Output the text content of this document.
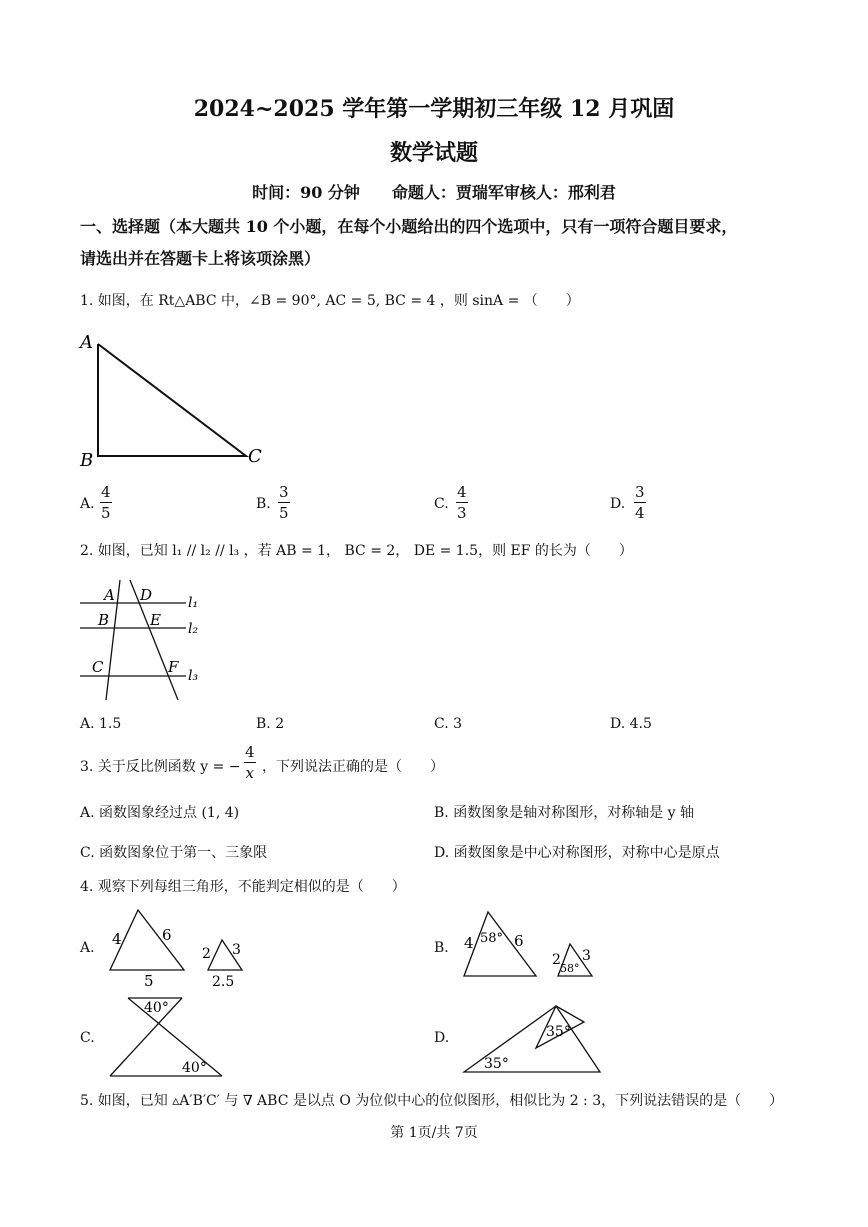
2024~2025 学年第一学期初三年级 12 月巩固
数学试题
时间：90 分钟　　命题人：贾瑞军审核人：邢利君
一、选择题（本大题共 10 个小题，在每个小题给出的四个选项中，只有一项符合题目要求，
请选出并在答题卡上将该项涂黑）
1. 如图，在 Rt△ABC 中，∠B = 90°, AC = 5, BC = 4 ，则 sinA = （　　）
A
B	C
A. $\frac{4}{5}$	B. $\frac{3}{5}$	C. $\frac{4}{3}$	D. $\frac{3}{4}$
2. 如图，已知 l₁ // l₂ // l₃ ，若 AB = 1， BC = 2， DE = 1.5，则 EF 的长为（　　）
A D	l₁
B	E l₂
C	F l₃
A. 1.5	B. 2	C. 3	D. 4.5
3. 关于反比例函数 y = − $\frac{4}{x}$ ，下列说法正确的是（　　）
A. 函数图象经过点 (1, 4)	B. 函数图象是轴对称图形，对称轴是 y 轴
C. 函数图象位于第一、三象限	D. 函数图象是中心对称图形，对称中心是原点
4. 观察下列每组三角形，不能判定相似的是（　　）
A. 4	6
5
2 3
2.5
B. 4 58° 6
2
58°
3
C.
40°
40°
D.
35°
35°
5. 如图，已知 ▵A′B′C′ 与 ∇ ABC 是以点 O 为位似中心的位似图形，相似比为 2 : 3，下列说法错误的是（　　）
第 1页/共 7页
